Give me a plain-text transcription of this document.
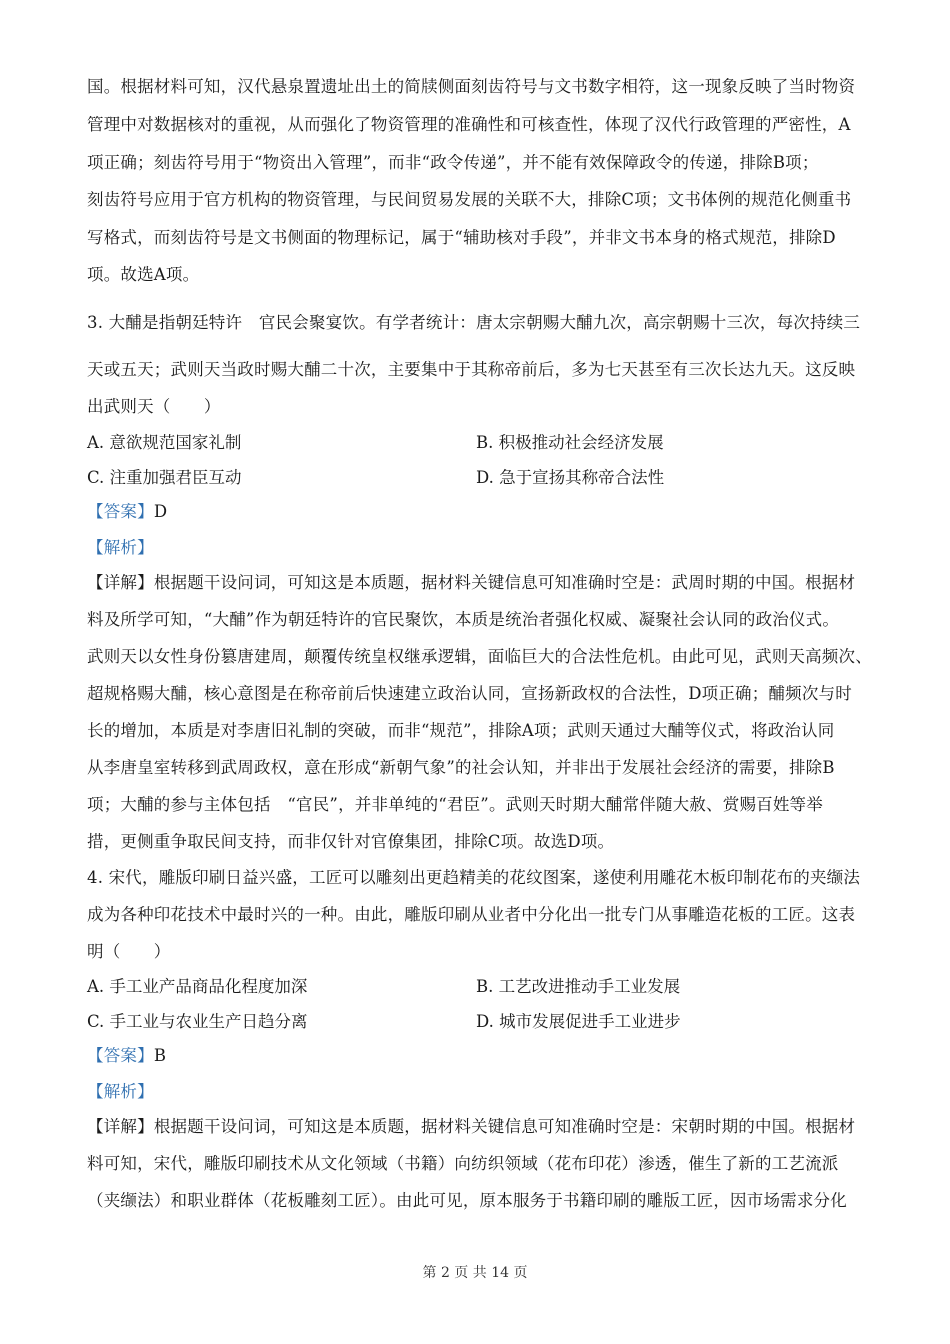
国。根据材料可知，汉代悬泉置遗址出土的简牍侧面刻齿符号与文书数字相符，这一现象反映了当时物资
管理中对数据核对的重视，从而强化了物资管理的准确性和可核查性，体现了汉代行政管理的严密性，A
项正确；刻齿符号用于“物资出入管理”，而非“政令传递”，并不能有效保障政令的传递，排除B项；
刻齿符号应用于官方机构的物资管理，与民间贸易发展的关联不大，排除C项；文书体例的规范化侧重书
写格式，而刻齿符号是文书侧面的物理标记，属于“辅助核对手段”，并非文书本身的格式规范，排除D
项。故选A项。
3. 大酺是指朝廷特许　官民会聚宴饮。有学者统计：唐太宗朝赐大酺九次，高宗朝赐十三次，每次持续三
天或五天；武则天当政时赐大酺二十次，主要集中于其称帝前后，多为七天甚至有三次长达九天。这反映
出武则天（　　）
A. 意欲规范国家礼制	B. 积极推动社会经济发展
C. 注重加强君臣互动	D. 急于宣扬其称帝合法性
【答案】D
【解析】
【详解】根据题干设问词，可知这是本质题，据材料关键信息可知准确时空是：武周时期的中国。根据材
料及所学可知，“大酺”作为朝廷特许的官民聚饮，本质是统治者强化权威、凝聚社会认同的政治仪式。
武则天以女性身份篡唐建周，颠覆传统皇权继承逻辑，面临巨大的合法性危机。由此可见，武则天高频次、
超规格赐大酺，核心意图是在称帝前后快速建立政治认同，宣扬新政权的合法性，D项正确；酺频次与时
长的增加，本质是对李唐旧礼制的突破，而非“规范”，排除A项；武则天通过大酺等仪式，将政治认同
从李唐皇室转移到武周政权，意在形成“新朝气象”的社会认知，并非出于发展社会经济的需要，排除B
项；大酺的参与主体包括　“官民”，并非单纯的“君臣”。武则天时期大酺常伴随大赦、赏赐百姓等举
措，更侧重争取民间支持，而非仅针对官僚集团，排除C项。故选D项。
4. 宋代，雕版印刷日益兴盛，工匠可以雕刻出更趋精美的花纹图案，遂使利用雕花木板印制花布的夹缬法
成为各种印花技术中最时兴的一种。由此，雕版印刷从业者中分化出一批专门从事雕造花板的工匠。这表
明（　　）
A. 手工业产品商品化程度加深	B. 工艺改进推动手工业发展
C. 手工业与农业生产日趋分离	D. 城市发展促进手工业进步
【答案】B
【解析】
【详解】根据题干设问词，可知这是本质题，据材料关键信息可知准确时空是：宋朝时期的中国。根据材
料可知，宋代，雕版印刷技术从文化领域（书籍）向纺织领域（花布印花）渗透，催生了新的工艺流派
（夹缬法）和职业群体（花板雕刻工匠）。由此可见，原本服务于书籍印刷的雕版工匠，因市场需求分化
第 2 页 共 14 页
